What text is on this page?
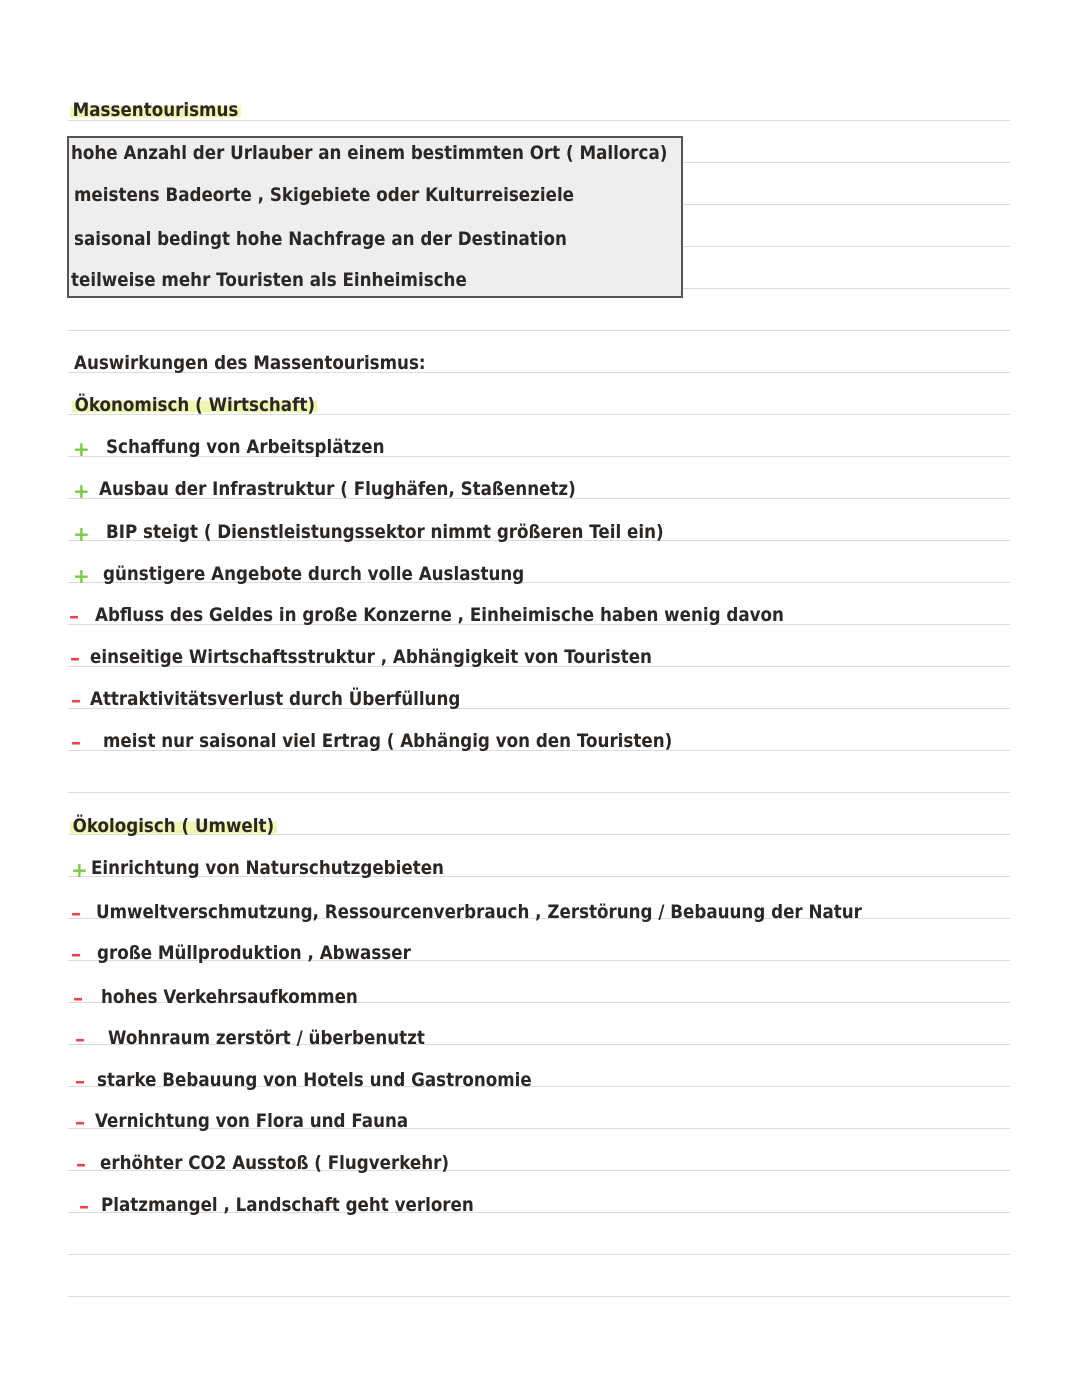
Massentourismus
hohe Anzahl der Urlauber an einem bestimmten Ort ( Mallorca)
meistens Badeorte , Skigebiete oder Kulturreiseziele
saisonal bedingt hohe Nachfrage an der Destination
teilweise mehr Touristen als Einheimische
Auswirkungen des Massentourismus:
Ökonomisch ( Wirtschaft)
+ Schaffung von Arbeitsplätzen
+ Ausbau der Infrastruktur ( Flughäfen, Staßennetz)
+ BIP steigt ( Dienstleistungssektor nimmt größeren Teil ein)
+ günstigere Angebote durch volle Auslastung
– Abfluss des Geldes in große Konzerne , Einheimische haben wenig davon
– einseitige Wirtschaftsstruktur , Abhängigkeit von Touristen
– Attraktivitätsverlust durch Überfüllung
– meist nur saisonal viel Ertrag ( Abhängig von den Touristen)
Ökologisch ( Umwelt)
+ Einrichtung von Naturschutzgebieten
– Umweltverschmutzung, Ressourcenverbrauch , Zerstörung / Bebauung der Natur
– große Müllproduktion , Abwasser
– hohes Verkehrsaufkommen
– Wohnraum zerstört / überbenutzt
– starke Bebauung von Hotels und Gastronomie
– Vernichtung von Flora und Fauna
– erhöhter CO2 Ausstoß ( Flugverkehr)
– Platzmangel , Landschaft geht verloren
